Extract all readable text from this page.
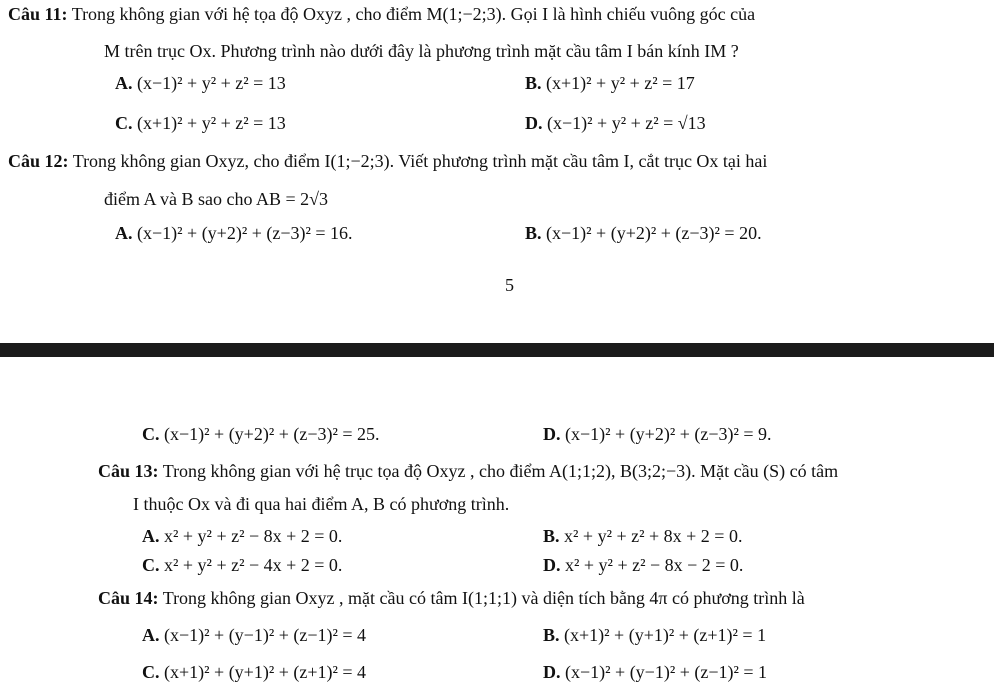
Câu 11: Trong không gian với hệ tọa độ Oxyz , cho điểm M(1;−2;3). Gọi I là hình chiếu vuông góc của
M trên trục Ox. Phương trình nào dưới đây là phương trình mặt cầu tâm I bán kính IM ?
A. (x−1)² + y² + z² = 13	B. (x+1)² + y² + z² = 17
C. (x+1)² + y² + z² = 13	D. (x−1)² + y² + z² = √13
Câu 12: Trong không gian Oxyz, cho điểm I(1;−2;3). Viết phương trình mặt cầu tâm I, cắt trục Ox tại hai
điểm A và B sao cho AB = 2√3
A. (x−1)² + (y+2)² + (z−3)² = 16.	B. (x−1)² + (y+2)² + (z−3)² = 20.
5
C. (x−1)² + (y+2)² + (z−3)² = 25.	D. (x−1)² + (y+2)² + (z−3)² = 9.
Câu 13: Trong không gian với hệ trục tọa độ Oxyz , cho điểm A(1;1;2), B(3;2;−3). Mặt cầu (S) có tâm
I thuộc Ox và đi qua hai điểm A, B có phương trình.
A. x² + y² + z² − 8x + 2 = 0.	B. x² + y² + z² + 8x + 2 = 0.
C. x² + y² + z² − 4x + 2 = 0.	D. x² + y² + z² − 8x − 2 = 0.
Câu 14: Trong không gian Oxyz , mặt cầu có tâm I(1;1;1) và diện tích bằng 4π có phương trình là
A. (x−1)² + (y−1)² + (z−1)² = 4	B. (x+1)² + (y+1)² + (z+1)² = 1
C. (x+1)² + (y+1)² + (z+1)² = 4	D. (x−1)² + (y−1)² + (z−1)² = 1
